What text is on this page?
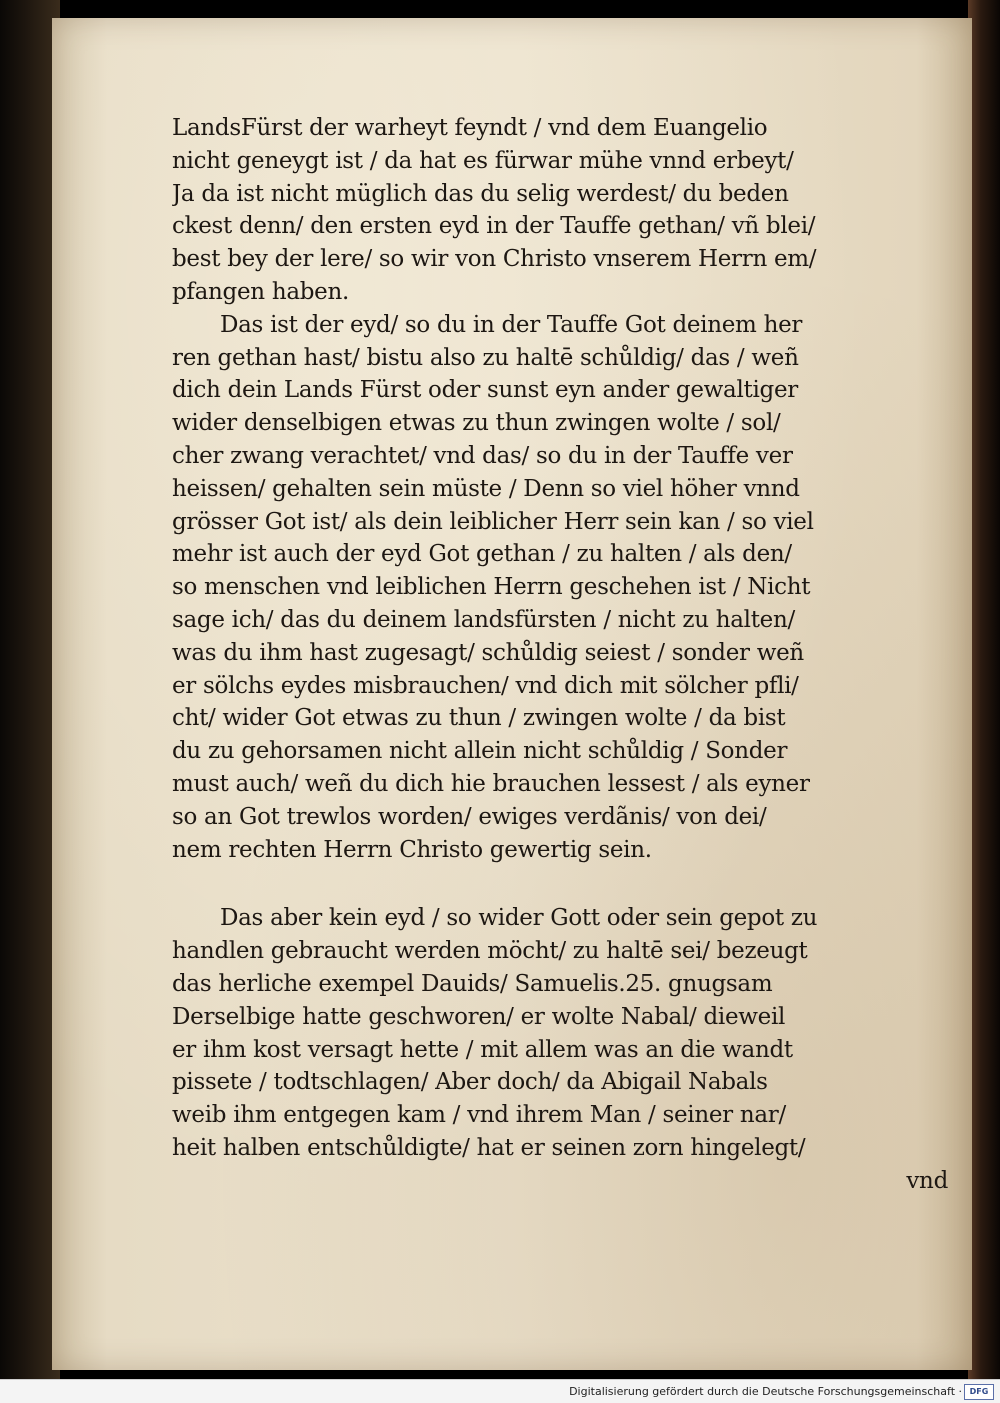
LandsFürst der warheyt feyndt / vnd dem Euangelio
nicht geneygt ist / da hat es fürwar mühe vnnd erbeyt/
Ja da ist nicht müglich das du selig werdest/ du beden
ckest denn/ den ersten eyd in der Tauffe gethan/ vñ blei/
best bey der lere/ so wir von Christo vnserem Herrn em/
pfangen haben.
Das ist der eyd/ so du in der Tauffe Got deinem her
ren gethan hast/ bistu also zu haltē schůldig/ das / weñ
dich dein Lands Fürst oder sunst eyn ander gewaltiger
wider denselbigen etwas zu thun zwingen wolte / sol/
cher zwang verachtet/ vnd das/ so du in der Tauffe ver
heissen/ gehalten sein müste / Denn so viel höher vnnd
grösser Got ist/ als dein leiblicher Herr sein kan / so viel
mehr ist auch der eyd Got gethan / zu halten / als den/
so menschen vnd leiblichen Herrn geschehen ist / Nicht
sage ich/ das du deinem landsfürsten / nicht zu halten/
was du ihm hast zugesagt/ schůldig seiest / sonder weñ
er sölchs eydes misbrauchen/ vnd dich mit sölcher pfli/
cht/ wider Got etwas zu thun / zwingen wolte / da bist
du zu gehorsamen nicht allein nicht schůldig / Sonder
must auch/ weñ du dich hie brauchen lessest / als eyner
so an Got trewlos worden/ ewiges verdãnis/ von dei/
nem rechten Herrn Christo gewertig sein.
Das aber kein eyd / so wider Gott oder sein gepot zu
handlen gebraucht werden möcht/ zu haltē sei/ bezeugt
das herliche exempel Dauids/ Samuelis.25. gnugsam
Derselbige hatte geschworen/ er wolte Nabal/ dieweil
er ihm kost versagt hette / mit allem was an die wandt
pissete / todtschlagen/ Aber doch/ da Abigail Nabals
weib ihm entgegen kam / vnd ihrem Man / seiner nar/
heit halben entschůldigte/ hat er seinen zorn hingelegt/
vnd
Digitalisierung gefördert durch die Deutsche Forschungsgemeinschaft · DFG
